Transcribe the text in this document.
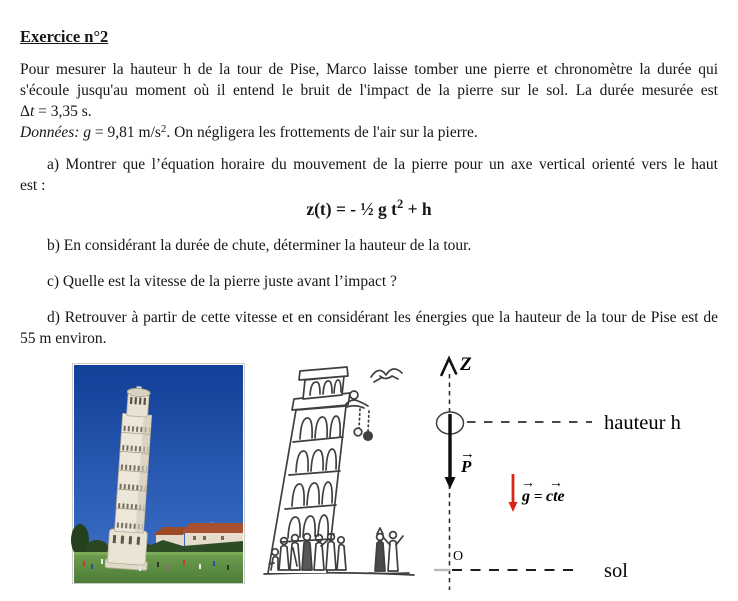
Exercice n°2
Pour mesurer la hauteur h de la tour de Pise, Marco laisse tomber une pierre et chronomètre la durée qui
s'écoule jusqu'au moment où il entend le bruit de l'impact de la pierre sur le sol. La durée mesurée est
Δt = 3,35 s.
Données: g = 9,81 $m/s^2$. On négligera les frottements de l'air sur la pierre.
a) Montrer que l’équation horaire du mouvement de la pierre pour un axe vertical orienté vers le haut
est :
z(t) = - ½ g $t^2 + h$
b) En considérant la durée de chute, déterminer la hauteur de la tour.
c) Quelle est la vitesse de la pierre juste avant l’impact ?
d) Retrouver à partir de cette vitesse et en considérant les énergies que la hauteur de la tour de Pise est de
55 m environ.
Z
hauteur h
→
P
→
g =
→
cte
O
sol
